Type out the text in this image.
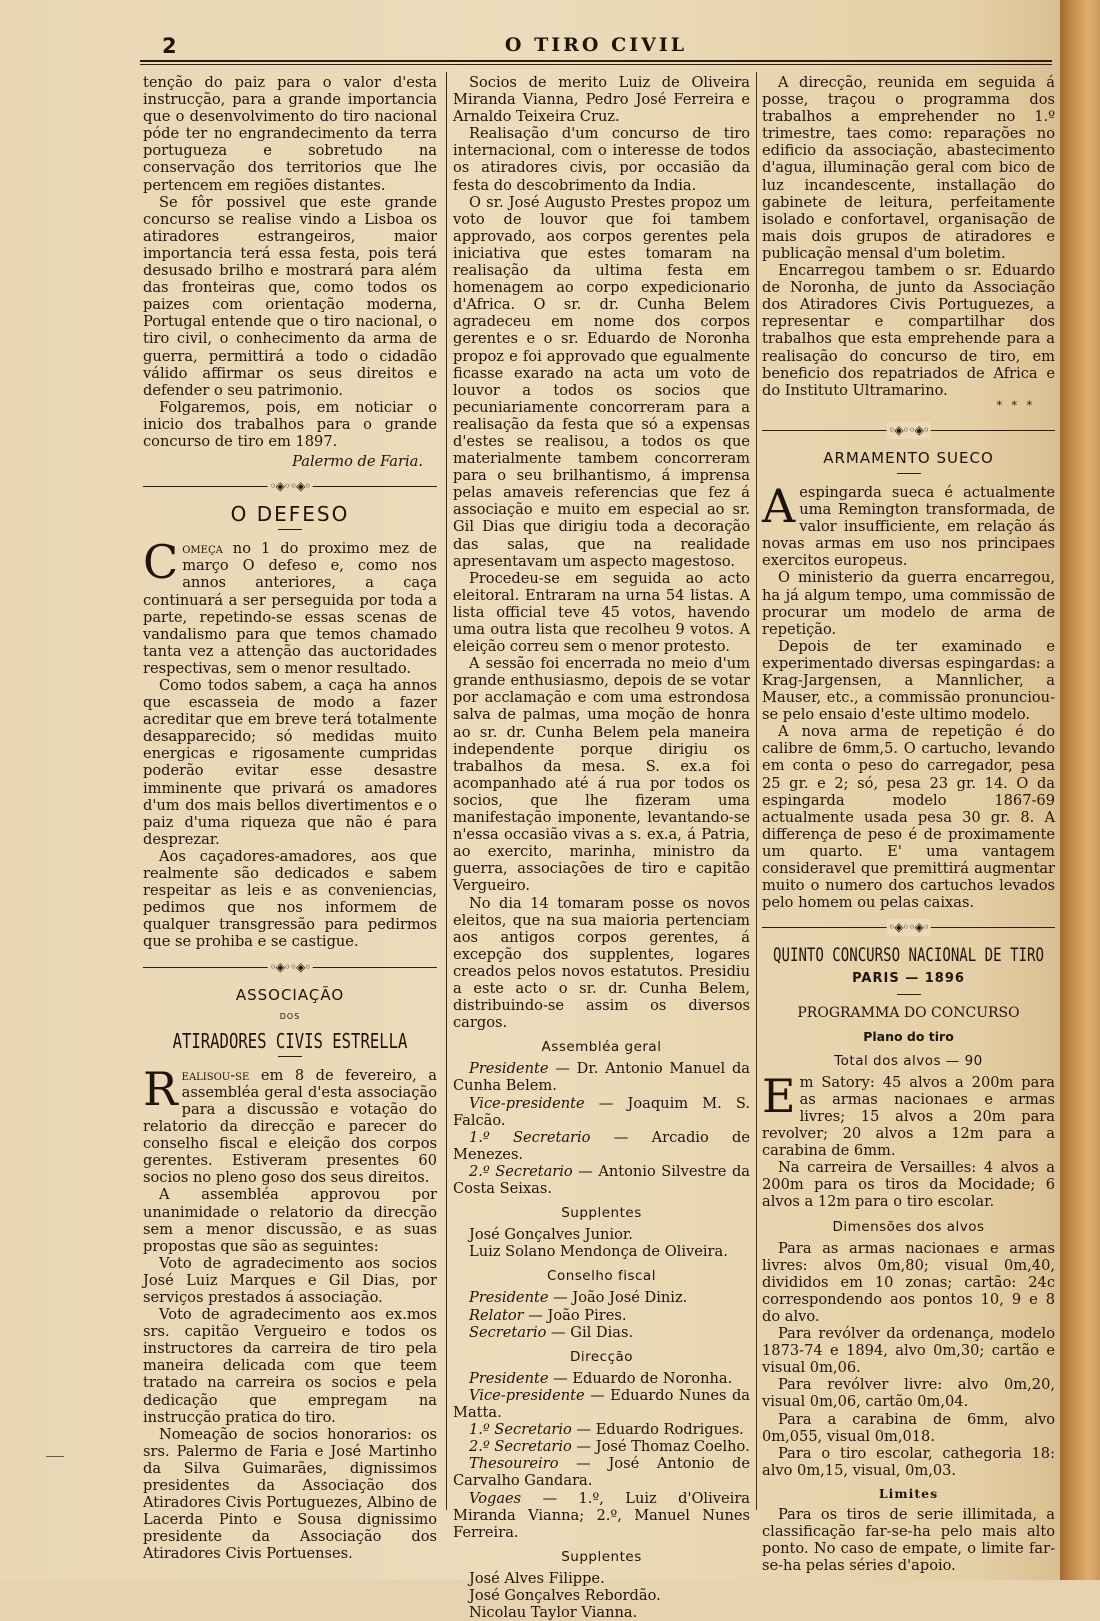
2	O TIRO CIVIL

tenção do paiz para o valor d'esta instrucção, para a grande importancia que o desenvolvimento do tiro nacional póde ter no engrandecimento da terra portugueza e sobretudo na conservação dos territorios que lhe pertencem em regiões distantes.

Se fôr possivel que este grande concurso se realise vindo a Lisboa os atiradores estrangeiros, maior importancia terá essa festa, pois terá desusado brilho e mostrará para além das fronteiras que, como todos os paizes com orientação moderna, Portugal entende que o tiro nacional, o tiro civil, o conhecimento da arma de guerra, permittirá a todo o cidadão válido affirmar os seus direitos e defender o seu patrimonio.

Folgaremos, pois, em noticiar o inicio dos trabalhos para o grande concurso de tiro em 1897.

Palermo de Faria.
◦◈◦◦◈◦
O DEFESO

Começa no 1 do proximo mez de março O defeso e, como nos annos anteriores, a caça continuará a ser perseguida por toda a parte, repetindo-se essas scenas de vandalismo para que temos chamado tanta vez a attenção das auctoridades respectivas, sem o menor resultado.

Como todos sabem, a caça ha annos que escasseia de modo a fazer acreditar que em breve terá totalmente desapparecido; só medidas muito energicas e rigosamente cumpridas poderão evitar esse desastre imminente que privará os amadores d'um dos mais bellos divertimentos e o paiz d'uma riqueza que não é para desprezar.

Aos caçadores-amadores, aos que realmente são dedicados e sabem respeitar as leis e as conveniencias, pedimos que nos informem de qualquer transgressão para pedirmos que se prohiba e se castigue.

◦◈◦◦◈◦
ASSOCIAÇÃO
DOS
ATIRADORES CIVIS ESTRELLA

Realisou-se em 8 de fevereiro, a assembléa geral d'esta associação para a discussão e votação do relatorio da direcção e parecer do conselho fiscal e eleição dos corpos gerentes. Estiveram presentes 60 socios no pleno goso dos seus direitos.

A assembléa approvou por unanimidade o relatorio da direcção sem a menor discussão, e as suas propostas que são as seguintes:

Voto de agradecimento aos socios José Luiz Marques e Gil Dias, por serviços prestados á associação.

Voto de agradecimento aos ex.mos srs. capitão Vergueiro e todos os instructores da carreira de tiro pela maneira delicada com que teem tratado na carreira os socios e pela dedicação que empregam na instrucção pratica do tiro.

Nomeação de socios honorarios: os srs. Palermo de Faria e José Martinho da Silva Guimarães, dignissimos presidentes da Associação dos Atiradores Civis Portuguezes, Albino de Lacerda Pinto e Sousa dignissimo presidente da Associação dos Atiradores Civis Portuenses.

Socios de merito Luiz de Oliveira Miranda Vianna, Pedro José Ferreira e Arnaldo Teixeira Cruz.

Realisação d'um concurso de tiro internacional, com o interesse de todos os atiradores civis, por occasião da festa do descobrimento da India.

O sr. José Augusto Prestes propoz um voto de louvor que foi tambem approvado, aos corpos gerentes pela iniciativa que estes tomaram na realisação da ultima festa em homenagem ao corpo expedicionario d'Africa. O sr. dr. Cunha Belem agradeceu em nome dos corpos gerentes e o sr. Eduardo de Noronha propoz e foi approvado que egualmente ficasse exarado na acta um voto de louvor a todos os socios que pecuniariamente concorreram para a realisação da festa que só a expensas d'estes se realisou, a todos os que materialmente tambem concorreram para o seu brilhantismo, á imprensa pelas amaveis referencias que fez á associação e muito em especial ao sr. Gil Dias que dirigiu toda a decoração das salas, que na realidade apresentavam um aspecto magestoso.

Procedeu-se em seguida ao acto eleitoral. Entraram na urna 54 listas. A lista official teve 45 votos, havendo uma outra lista que recolheu 9 votos. A eleição correu sem o menor protesto.

A sessão foi encerrada no meio d'um grande enthusiasmo, depois de se votar por acclamação e com uma estrondosa salva de palmas, uma moção de honra ao sr. dr. Cunha Belem pela maneira independente porque dirigiu os trabalhos da mesa. S. ex.a foi acompanhado até á rua por todos os socios, que lhe fizeram uma manifestação imponente, levantando-se n'essa occasião vivas a s. ex.a, á Patria, ao exercito, marinha, ministro da guerra, associações de tiro e capitão Vergueiro.

No dia 14 tomaram posse os novos eleitos, que na sua maioria pertenciam aos antigos corpos gerentes, á excepção dos supplentes, logares creados pelos novos estatutos. Presidiu a este acto o sr. dr. Cunha Belem, distribuindo-se assim os diversos cargos.

Assembléa geral

Presidente — Dr. Antonio Manuel da Cunha Belem.

Vice-presidente — Joaquim M. S. Falcão.

1.º Secretario — Arcadio de Menezes.

2.º Secretario — Antonio Silvestre da Costa Seixas.

Supplentes

José Gonçalves Junior.

Luiz Solano Mendonça de Oliveira.

Conselho fiscal

Presidente — João José Diniz.

Relator — João Pires.

Secretario — Gil Dias.

Direcção

Presidente — Eduardo de Noronha.

Vice-presidente — Eduardo Nunes da Matta.

1.º Secretario — Eduardo Rodrigues.

2.º Secretario — José Thomaz Coelho.

Thesoureiro — José Antonio de Carvalho Gandara.

Vogaes — 1.º, Luiz d'Oliveira Miranda Vianna; 2.º, Manuel Nunes Ferreira.

Supplentes

José Alves Filippe.

José Gonçalves Rebordão.

Nicolau Taylor Vianna.

A direcção, reunida em seguida á posse, traçou o programma dos trabalhos a emprehender no 1.º trimestre, taes como: reparações no edificio da associação, abastecimento d'agua, illuminação geral com bico de luz incandescente, installação do gabinete de leitura, perfeitamente isolado e confortavel, organisação de mais dois grupos de atiradores e publicação mensal d'um boletim.

Encarregou tambem o sr. Eduardo de Noronha, de junto da Associação dos Atiradores Civis Portuguezes, a representar e compartilhar dos trabalhos que esta emprehende para a realisação do concurso de tiro, em beneficio dos repatriados de Africa e do Instituto Ultramarino.

* * *
◦◈◦◦◈◦
ARMAMENTO SUECO

A espingarda sueca é actualmente uma Remington transformada, de valor insufficiente, em relação ás novas armas em uso nos principaes exercitos europeus.

O ministerio da guerra encarregou, ha já algum tempo, uma commissão de procurar um modelo de arma de repetição.

Depois de ter examinado e experimentado diversas espingardas: a Krag-Jargensen, a Mannlicher, a Mauser, etc., a commissão pronunciou-se pelo ensaio d'este ultimo modelo.

A nova arma de repetição é do calibre de 6mm,5. O cartucho, levando em conta o peso do carregador, pesa 25 gr. e 2; só, pesa 23 gr. 14. O da espingarda modelo 1867-69 actualmente usada pesa 30 gr. 8. A differença de peso é de proximamente um quarto. E' uma vantagem consideravel que premittirá augmentar muito o numero dos cartuchos levados pelo homem ou pelas caixas.

◦◈◦◦◈◦
QUINTO CONCURSO NACIONAL DE TIRO
PARIS — 1896
PROGRAMMA DO CONCURSO
Plano do tiro
Total dos alvos — 90

Em Satory: 45 alvos a 200m para as armas nacionaes e armas livres; 15 alvos a 20m para revolver; 20 alvos a 12m para a carabina de 6mm.

Na carreira de Versailles: 4 alvos a 200m para os tiros da Mocidade; 6 alvos a 12m para o tiro escolar.

Dimensões dos alvos

Para as armas nacionaes e armas livres: alvos 0m,80; visual 0m,40, divididos em 10 zonas; cartão: 24c correspondendo aos pontos 10, 9 e 8 do alvo.

Para revólver da ordenança, modelo 1873-74 e 1894, alvo 0m,30; cartão e visual 0m,06.

Para revólver livre: alvo 0m,20, visual 0m,06, cartão 0m,04.

Para a carabina de 6mm, alvo 0m,055, visual 0m,018.

Para o tiro escolar, cathegoria 18: alvo 0m,15, visual, 0m,03.

Limites

Para os tiros de serie illimitada, a classificação far-se-ha pelo mais alto ponto. No caso de empate, o limite far-se-ha pelas séries d'apoio.
